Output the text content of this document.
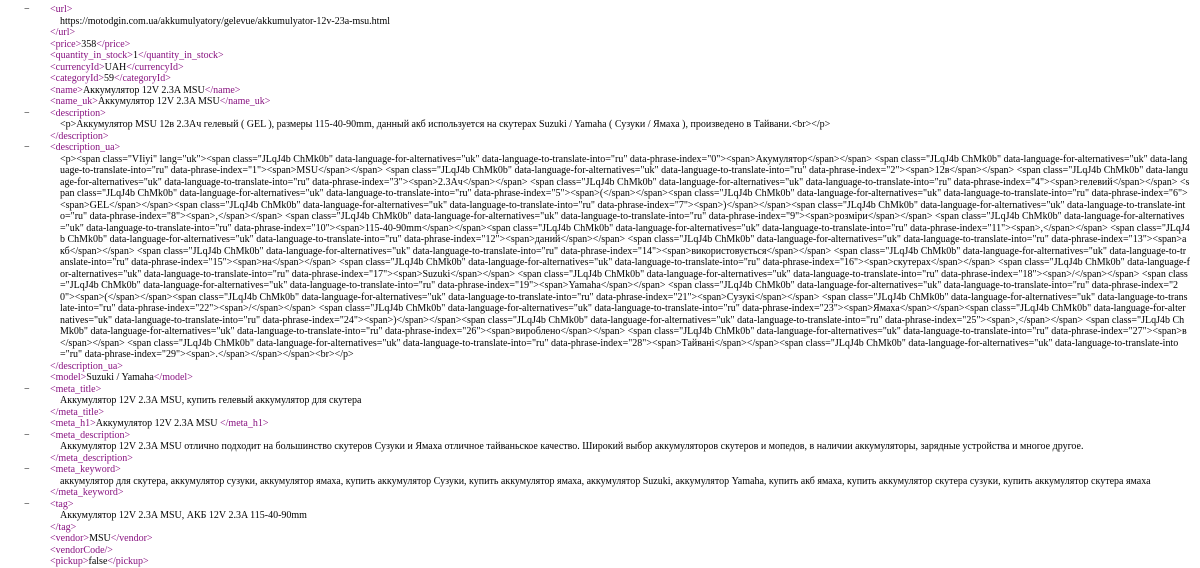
− <url>
https://motodgin.com.ua/akkumulyatory/gelevue/akkumulyator-12v-23a-msu.html
</url>
<price>358</price>
<quantity_in_stock>1</quantity_in_stock>
<currencyId>UAH</currencyId>
<categoryId>59</categoryId>
<name>Аккумулятор 12V 2.3A MSU</name>
<name_uk>Аккумулятор 12V 2.3A MSU</name_uk>
− <description>
<p>Аккумулятор MSU 12в 2.3Ач гелевый ( GEL ), размеры 115-40-90mm, данный акб используется на скутерах Suzuki / Yamaha ( Сузуки / Ямаха ), произведено в Тайвани.<br></p>
</description>
− <description_ua>
<p><span class="VIiyi" lang="uk"><span class="JLqJ4b ChMk0b" data-language-for-alternatives="uk" data-language-to-translate-into="ru" data-phrase-index="0"><span>Акумулятор</span></span> <span class="JLqJ4b ChMk0b" data-language-for-alternatives="uk" data-language-to-translate-into="ru" data-phrase-index="1"><span>MSU</span></span> <span class="JLqJ4b ChMk0b" data-language-for-alternatives="uk" data-language-to-translate-into="ru" data-phrase-index="2"><span>12в</span></span> <span class="JLqJ4b ChMk0b" data-language-for-alternatives="uk" data-language-to-translate-into="ru" data-phrase-index="3"><span>2.3Ач</span></span> <span class="JLqJ4b ChMk0b" data-language-for-alternatives="uk" data-language-to-translate-into="ru" data-phrase-index="4"><span>гелевий</span></span> <span class="JLqJ4b ChMk0b" data-language-for-alternatives="uk" data-language-to-translate-into="ru" data-phrase-index="5"><span>(</span></span><span class="JLqJ4b ChMk0b" data-language-for-alternatives="uk" data-language-to-translate-into="ru" data-phrase-index="6"><span>GEL</span></span><span class="JLqJ4b ChMk0b" data-language-for-alternatives="uk" data-language-to-translate-into="ru" data-phrase-index="7"><span>)</span></span><span class="JLqJ4b ChMk0b" data-language-for-alternatives="uk" data-language-to-translate-into="ru" data-phrase-index="8"><span>,</span></span> <span class="JLqJ4b ChMk0b" data-language-for-alternatives="uk" data-language-to-translate-into="ru" data-phrase-index="9"><span>розміри</span></span> <span class="JLqJ4b ChMk0b" data-language-for-alternatives="uk" data-language-to-translate-into="ru" data-phrase-index="10"><span>115-40-90mm</span></span><span class="JLqJ4b ChMk0b" data-language-for-alternatives="uk" data-language-to-translate-into="ru" data-phrase-index="11"><span>,</span></span> <span class="JLqJ4b ChMk0b" data-language-for-alternatives="uk" data-language-to-translate-into="ru" data-phrase-index="12"><span>даний</span></span> <span class="JLqJ4b ChMk0b" data-language-for-alternatives="uk" data-language-to-translate-into="ru" data-phrase-index="13"><span>акб</span></span> <span class="JLqJ4b ChMk0b" data-language-for-alternatives="uk" data-language-to-translate-into="ru" data-phrase-index="14"><span>використовується</span></span> <span class="JLqJ4b ChMk0b" data-language-for-alternatives="uk" data-language-to-translate-into="ru" data-phrase-index="15"><span>на</span></span> <span class="JLqJ4b ChMk0b" data-language-for-alternatives="uk" data-language-to-translate-into="ru" data-phrase-index="16"><span>скутерах</span></span> <span class="JLqJ4b ChMk0b" data-language-for-alternatives="uk" data-language-to-translate-into="ru" data-phrase-index="17"><span>Suzuki</span></span> <span class="JLqJ4b ChMk0b" data-language-for-alternatives="uk" data-language-to-translate-into="ru" data-phrase-index="18"><span>/</span></span> <span class="JLqJ4b ChMk0b" data-language-for-alternatives="uk" data-language-to-translate-into="ru" data-phrase-index="19"><span>Yamaha</span></span> <span class="JLqJ4b ChMk0b" data-language-for-alternatives="uk" data-language-to-translate-into="ru" data-phrase-index="20"><span>(</span></span><span class="JLqJ4b ChMk0b" data-language-for-alternatives="uk" data-language-to-translate-into="ru" data-phrase-index="21"><span>Сузукі</span></span> <span class="JLqJ4b ChMk0b" data-language-for-alternatives="uk" data-language-to-translate-into="ru" data-phrase-index="22"><span>/</span></span> <span class="JLqJ4b ChMk0b" data-language-for-alternatives="uk" data-language-to-translate-into="ru" data-phrase-index="23"><span>Ямаха</span></span><span class="JLqJ4b ChMk0b" data-language-for-alternatives="uk" data-language-to-translate-into="ru" data-phrase-index="24"><span>)</span></span><span class="JLqJ4b ChMk0b" data-language-for-alternatives="uk" data-language-to-translate-into="ru" data-phrase-index="25"><span>,</span></span> <span class="JLqJ4b ChMk0b" data-language-for-alternatives="uk" data-language-to-translate-into="ru" data-phrase-index="26"><span>вироблено</span></span> <span class="JLqJ4b ChMk0b" data-language-for-alternatives="uk" data-language-to-translate-into="ru" data-phrase-index="27"><span>в</span></span> <span class="JLqJ4b ChMk0b" data-language-for-alternatives="uk" data-language-to-translate-into="ru" data-phrase-index="28"><span>Тайвані</span></span><span class="JLqJ4b ChMk0b" data-language-for-alternatives="uk" data-language-to-translate-into="ru" data-phrase-index="29"><span>.</span></span></span><br></p>
</description_ua>
<model>Suzuki / Yamaha</model>
− <meta_title>
Аккумулятор 12V 2.3A MSU, купить гелевый аккумулятор для скутера
</meta_title>
<meta_h1>Аккумулятор 12V 2.3A MSU </meta_h1>
− <meta_description>
Аккумулятор 12V 2.3A MSU отлично подходит на большинство скутеров Сузуки и Ямаха отличное тайваньское качество. Широкий выбор аккумуляторов скутеров и мопедов, в наличии аккумуляторы, зарядные устройства и многое другое.
</meta_description>
− <meta_keyword>
аккумулятор для скутера, аккумулятор сузуки, аккумулятор ямаха, купить аккумулятор Сузуки, купить аккумулятор ямаха, аккумулятор Suzuki, аккумулятор Yamaha, купить акб ямаха, купить аккумулятор скутера сузуки, купить аккумулятор скутера ямаха
</meta_keyword>
− <tag>
Аккумулятор 12V 2.3A MSU, АКБ 12V 2.3A 115-40-90mm
</tag>
<vendor>MSU</vendor>
<vendorCode/>
<pickup>false</pickup>
